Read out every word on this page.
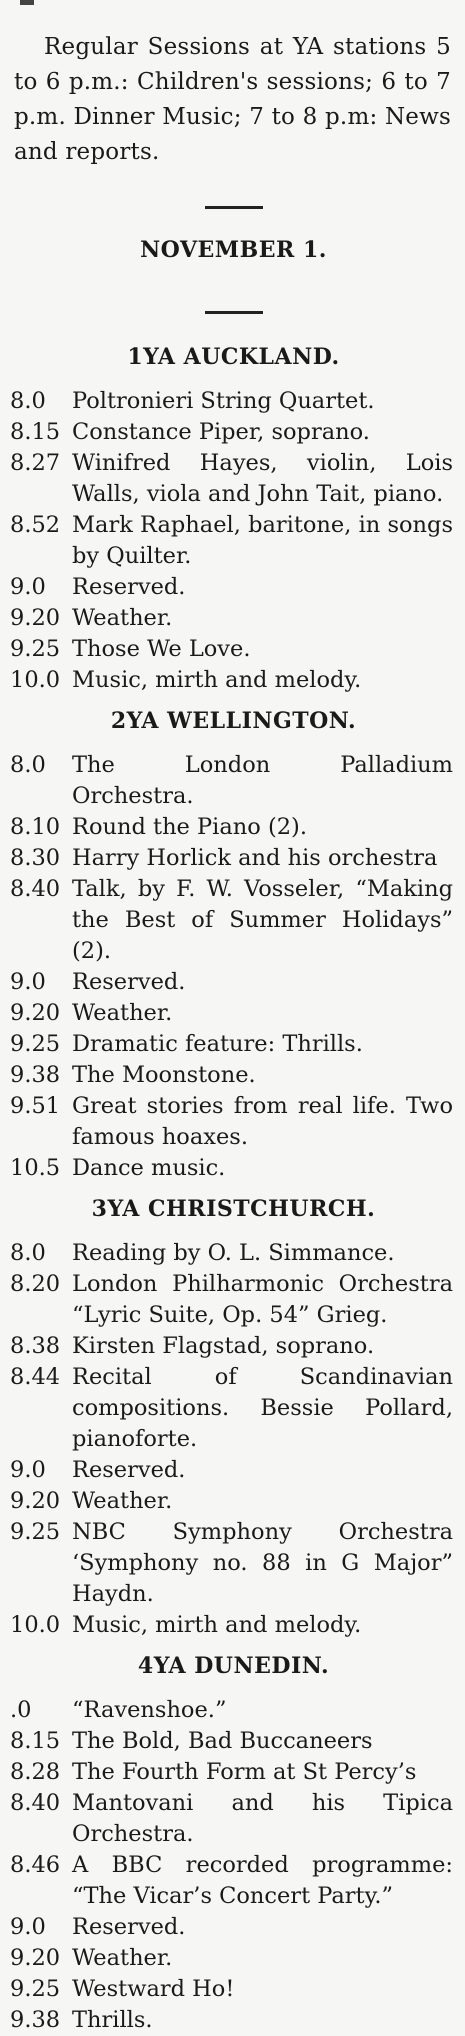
Regular Sessions at YA stations 5 to 6 p.m.: Children's sessions; 6 to 7 p.m. Dinner Music; 7 to 8 p.m: News and reports.

NOVEMBER 1.
1YA AUCKLAND.
8.0	Poltronieri String Quartet.
8.15 Constance Piper, soprano.
8.27 Winifred Hayes, violin, Lois Walls, viola and John Tait, piano.
8.52 Mark Raphael, baritone, in songs by Quilter.
9.0	Reserved.
9.20 Weather.
9.25 Those We Love.
10.0 Music, mirth and melody.
2YA WELLINGTON.
8.0	The London Palladium Orchestra.
8.10 Round the Piano (2).
8.30 Harry Horlick and his orchestra
8.40 Talk, by F. W. Vosseler, “Making the Best of Summer Holidays” (2).
9.0	Reserved.
9.20 Weather.
9.25 Dramatic feature: Thrills.
9.38 The Moonstone.
9.51 Great stories from real life. Two famous hoaxes.
10.5 Dance music.
3YA CHRISTCHURCH.
8.0	Reading by O. L. Simmance.
8.20 London Philharmonic Orchestra “Lyric Suite, Op. 54” Grieg.
8.38 Kirsten Flagstad, soprano.
8.44 Recital of Scandinavian compositions. Bessie Pollard, pianoforte.
9.0	Reserved.
9.20 Weather.
9.25 NBC Symphony Orchestra ‘Symphony no. 88 in G Major” Haydn.
10.0 Music, mirth and melody.
4YA DUNEDIN.
.0	“Ravenshoe.”
8.15 The Bold, Bad Buccaneers
8.28 The Fourth Form at St Percy’s
8.40 Mantovani and his Tipica Orchestra.
8.46 A BBC recorded programme: “The Vicar’s Concert Party.”
9.0	Reserved.
9.20 Weather.
9.25 Westward Ho!
9.38 Thrills.
